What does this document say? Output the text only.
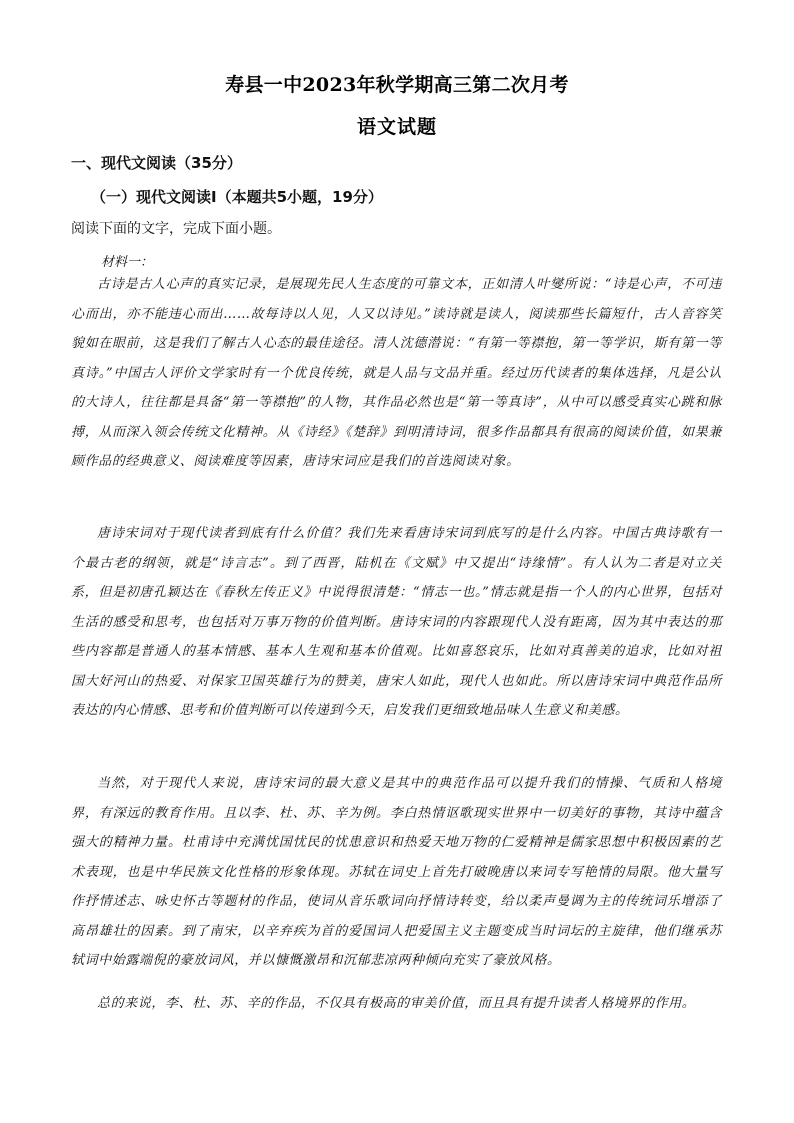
寿县一中2023年秋学期高三第二次月考
语文试题
一、现代文阅读（35分）
（一）现代文阅读Ⅰ（本题共5小题，19分）
阅读下面的文字，完成下面小题。
材料一：

古诗是古人心声的真实记录，是展现先民人生态度的可靠文本，正如清人叶燮所说：“诗是心声，不可违心而出，亦不能违心而出……故每诗以人见，人又以诗见。”读诗就是读人，阅读那些长篇短什，古人音容笑貌如在眼前，这是我们了解古人心态的最佳途径。清人沈德潜说：“有第一等襟抱，第一等学识，斯有第一等真诗。”中国古人评价文学家时有一个优良传统，就是人品与文品并重。经过历代读者的集体选择，凡是公认的大诗人，往往都是具备“第一等襟抱”的人物，其作品必然也是“第一等真诗”，从中可以感受真实心跳和脉搏，从而深入领会传统文化精神。从《诗经》《楚辞》到明清诗词，很多作品都具有很高的阅读价值，如果兼顾作品的经典意义、阅读难度等因素，唐诗宋词应是我们的首选阅读对象。

唐诗宋词对于现代读者到底有什么价值？我们先来看唐诗宋词到底写的是什么内容。中国古典诗歌有一个最古老的纲领，就是“诗言志”。到了西晋，陆机在《文赋》中又提出“诗缘情”。有人认为二者是对立关系，但是初唐孔颖达在《春秋左传正义》中说得很清楚：“情志一也。”情志就是指一个人的内心世界，包括对生活的感受和思考，也包括对万事万物的价值判断。唐诗宋词的内容跟现代人没有距离，因为其中表达的那些内容都是普通人的基本情感、基本人生观和基本价值观。比如喜怒哀乐，比如对真善美的追求，比如对祖国大好河山的热爱、对保家卫国英雄行为的赞美，唐宋人如此，现代人也如此。所以唐诗宋词中典范作品所表达的内心情感、思考和价值判断可以传递到今天，启发我们更细致地品味人生意义和美感。

当然，对于现代人来说，唐诗宋词的最大意义是其中的典范作品可以提升我们的情操、气质和人格境界，有深远的教育作用。且以李、杜、苏、辛为例。李白热情讴歌现实世界中一切美好的事物，其诗中蕴含强大的精神力量。杜甫诗中充满忧国忧民的忧患意识和热爱天地万物的仁爱精神是儒家思想中积极因素的艺术表现，也是中华民族文化性格的形象体现。苏轼在词史上首先打破晚唐以来词专写艳情的局限。他大量写作抒情述志、咏史怀古等题材的作品，使词从音乐歌词向抒情诗转变，给以柔声曼调为主的传统词乐增添了高昂雄壮的因素。到了南宋，以辛弃疾为首的爱国词人把爱国主义主题变成当时词坛的主旋律，他们继承苏轼词中始露端倪的豪放词风，并以慷慨激昂和沉郁悲凉两种倾向充实了豪放风格。

总的来说，李、杜、苏、辛的作品，不仅具有极高的审美价值，而且具有提升读者人格境界的作用。
